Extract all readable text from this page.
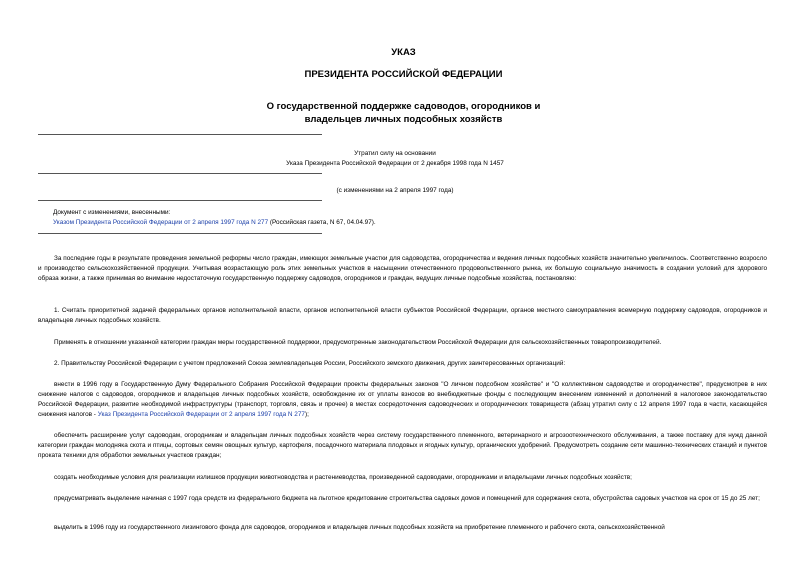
УКАЗ
ПРЕЗИДЕНТА РОССИЙСКОЙ ФЕДЕРАЦИИ
О государственной поддержке садоводов, огородников и
владельцев личных подсобных хозяйств
Утратил силу на основании
Указа Президента Российской Федерации от 2 декабря 1998 года N 1457
(с изменениями на 2 апреля 1997 года)
Документ с изменениями, внесенными:
Указом Президента Российской Федерации от 2 апреля 1997 года N 277 (Российская газета, N 67, 04.04.97).
За последние годы в результате проведения земельной реформы число граждан, имеющих земельные участки для садоводства, огородничества и ведения личных подсобных хозяйств значительно увеличилось. Соответственно возросло и производство сельскохозяйственной продукции. Учитывая возрастающую роль этих земельных участков в насыщении отечественного продовольственного рынка, их большую социальную значимость в создании условий для здорового образа жизни, а также принимая во внимание недостаточную государственную поддержку садоводов, огородников и граждан, ведущих личные подсобные хозяйства, постановляю:
1. Считать приоритетной задачей федеральных органов исполнительной власти, органов исполнительной власти субъектов Российской Федерации, органов местного самоуправления всемерную поддержку садоводов, огородников и владельцев личных подсобных хозяйств.
Применять в отношении указанной категории граждан меры государственной поддержки, предусмотренные законодательством Российской Федерации для сельскохозяйственных товаропроизводителей.
2. Правительству Российской Федерации с учетом предложений Союза землевладельцев России, Российского земского движения, других заинтересованных организаций:
внести в 1996 году в Государственную Думу Федерального Собрания Российской Федерации проекты федеральных законов "О личном подсобном хозяйстве" и "О коллективном садоводстве и огородничестве", предусмотрев в них снижение налогов с садоводов, огородников и владельцев личных подсобных хозяйств, освобождение их от уплаты взносов во внебюджетные фонды с последующим внесением изменений и дополнений в налоговое законодательство Российской Федерации, развитие необходимой инфраструктуры (транспорт, торговля, связь и прочее) в местах сосредоточения садоводческих и огороднических товариществ (абзац утратил силу с 12 апреля 1997 года в части, касающейся снижения налогов - Указ Президента Российской Федерации от 2 апреля 1997 года N 277);
обеспечить расширение услуг садоводам, огородникам и владельцам личных подсобных хозяйств через систему государственного племенного, ветеринарного и агрозоотехнического обслуживания, а также поставку для нужд данной категории граждан молодняка скота и птицы, сортовых семян овощных культур, картофеля, посадочного материала плодовых и ягодных культур, органических удобрений. Предусмотреть создание сети машинно-технических станций и пунктов проката техники для обработки земельных участков граждан;
создать необходимые условия для реализации излишков продукции животноводства и растениеводства, произведенной садоводами, огородниками и владельцами личных подсобных хозяйств;
предусматривать выделение начиная с 1997 года средств из федерального бюджета на льготное кредитование строительства садовых домов и помещений для содержания скота, обустройства садовых участков на срок от 15 до 25 лет;
выделить в 1996 году из государственного лизингового фонда для садоводов, огородников и владельцев личных подсобных хозяйств на приобретение племенного и рабочего скота, сельскохозяйственной
